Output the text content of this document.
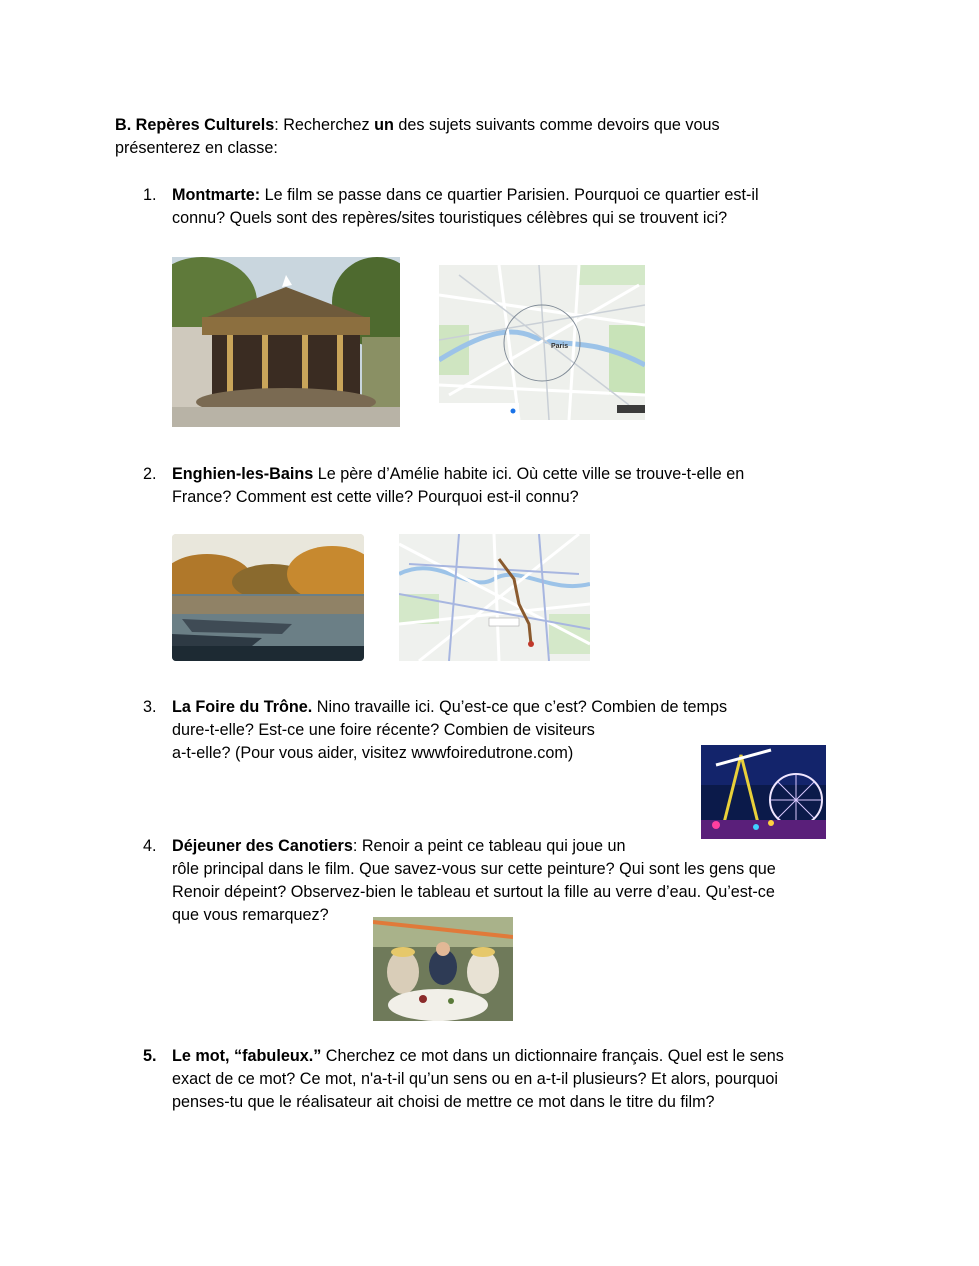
B. Repères Culturels: Recherchez un des sujets suivants comme devoirs que vous
présenterez en classe:
1. Montmarte: Le film se passe dans ce quartier Parisien. Pourquoi ce quartier est-il
connu? Quels sont des repères/sites touristiques célèbres qui se trouvent ici?
Paris
2. Enghien-les-Bains Le père d’Amélie habite ici. Où cette ville se trouve-t-elle en
France? Comment est cette ville? Pourquoi est-il connu?
3. La Foire du Trône. Nino travaille ici. Qu’est-ce que c’est? Combien de temps
dure-t-elle? Est-ce une foire récente? Combien de visiteurs
a-t-elle? (Pour vous aider, visitez wwwfoiredutrone.com)
4. Déjeuner des Canotiers: Renoir a peint ce tableau qui joue un
rôle principal dans le film. Que savez-vous sur cette peinture? Qui sont les gens que
Renoir dépeint? Observez-bien le tableau et surtout la fille au verre d’eau. Qu’est-ce
que vous remarquez?
5. Le mot, “fabuleux.” Cherchez ce mot dans un dictionnaire français. Quel est le sens
exact de ce mot? Ce mot, n'a-t-il qu’un sens ou en a-t-il plusieurs? Et alors, pourquoi
penses-tu que le réalisateur ait choisi de mettre ce mot dans le titre du film?
